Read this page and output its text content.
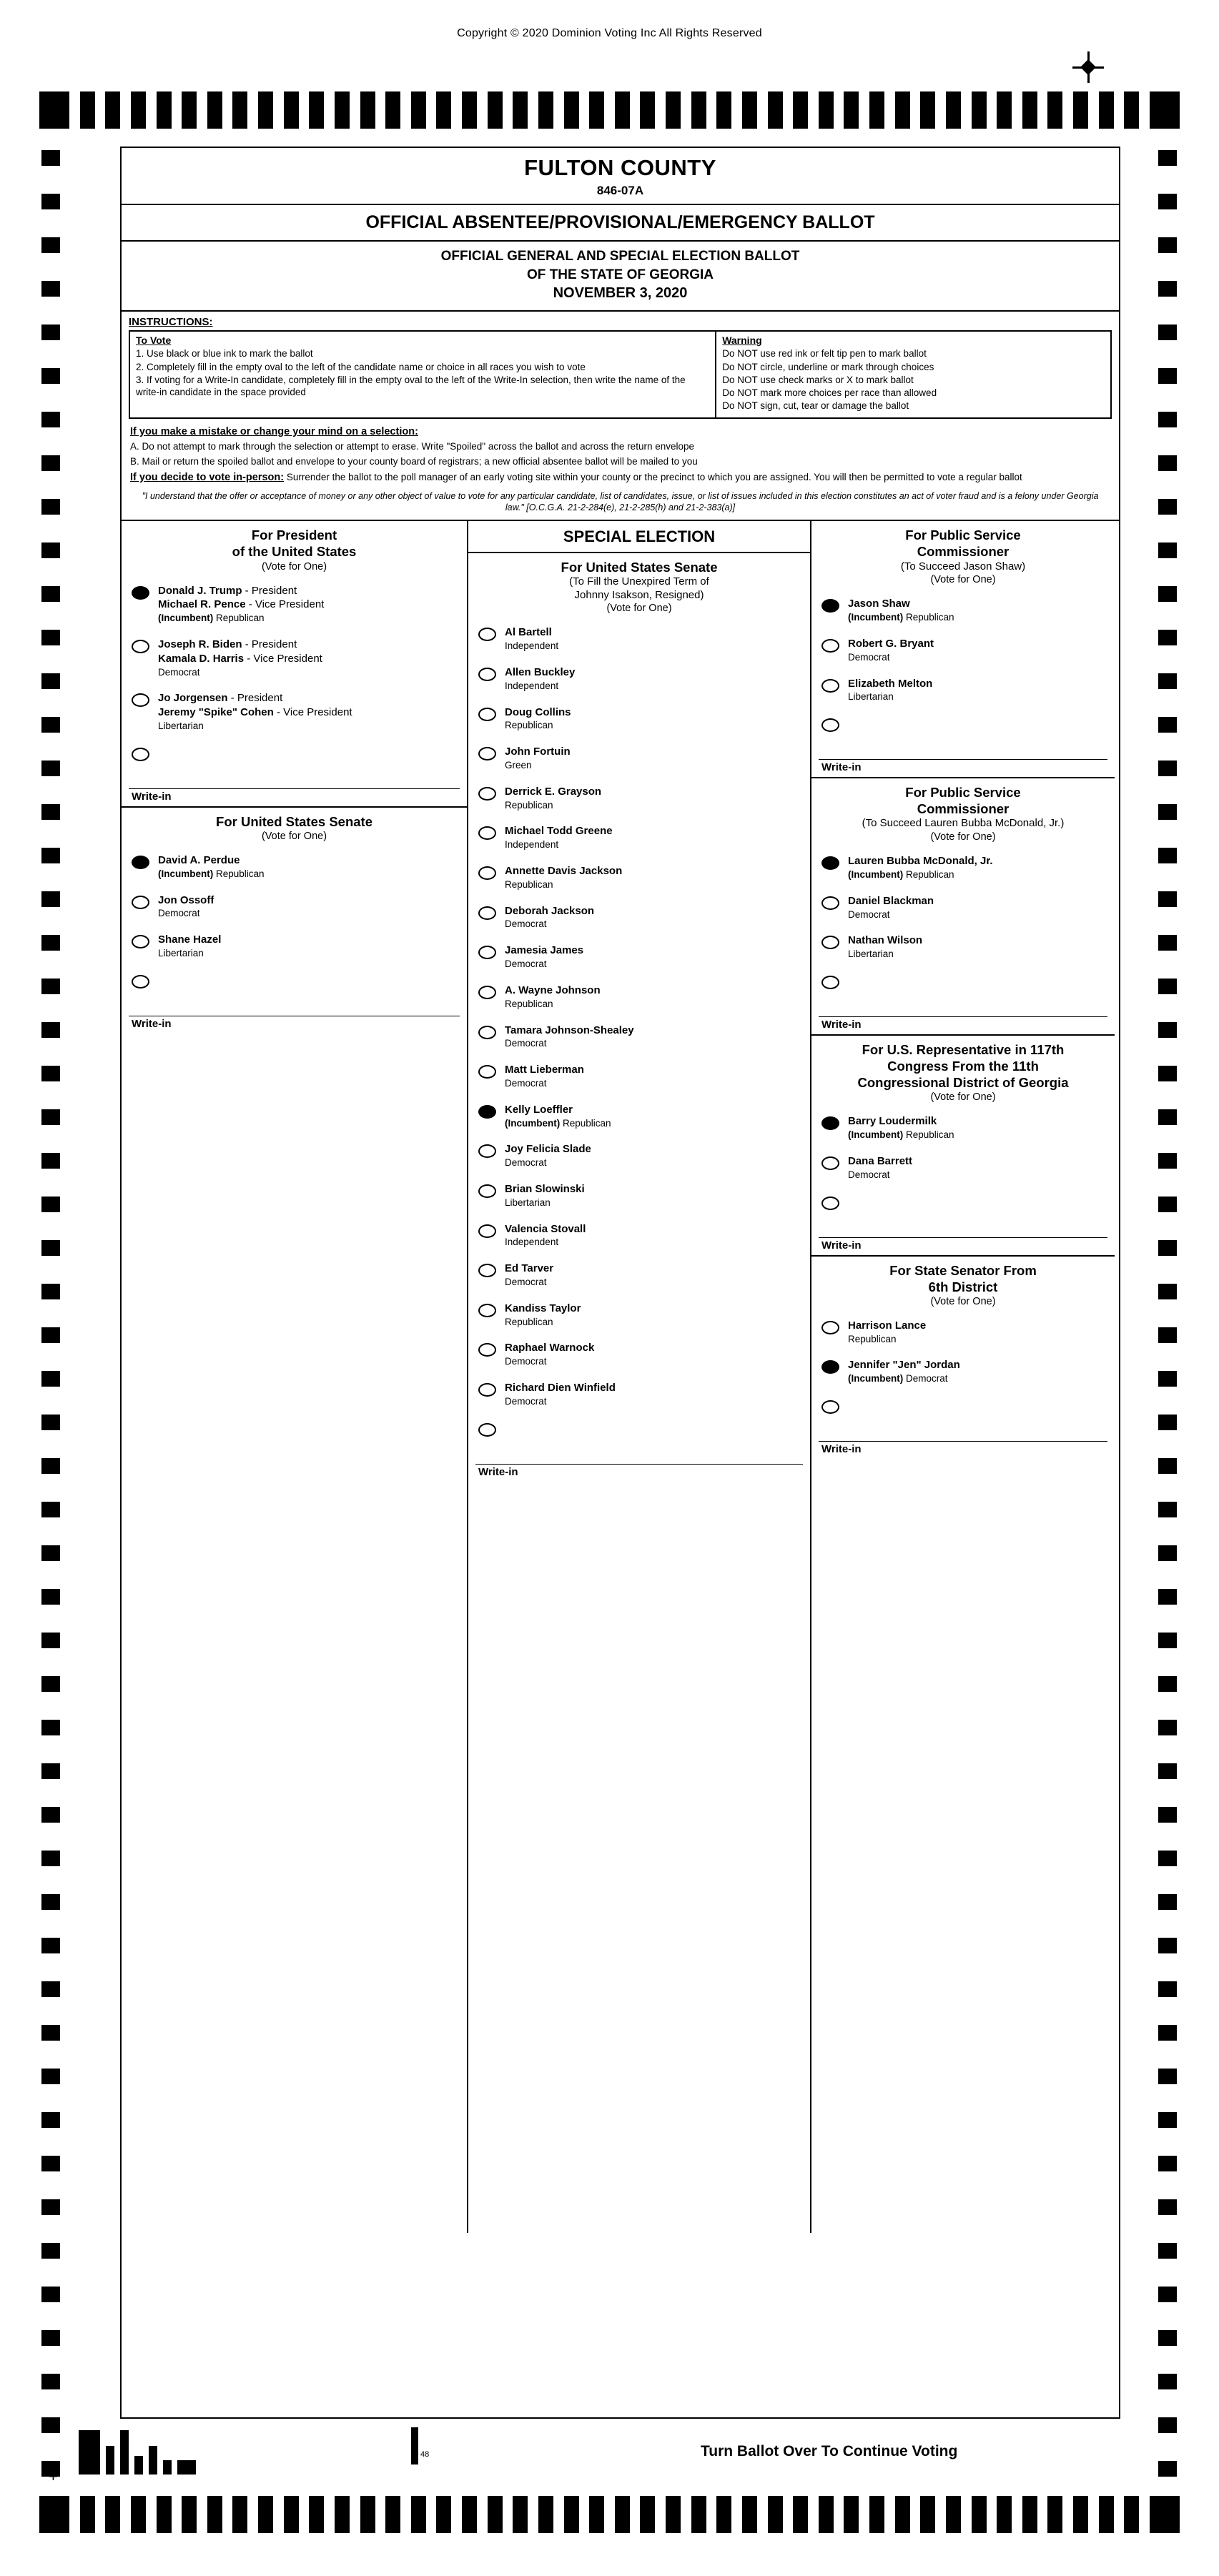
Copyright © 2020 Dominion Voting Inc All Rights Reserved
FULTON COUNTY
846-07A
OFFICIAL ABSENTEE/PROVISIONAL/EMERGENCY BALLOT
OFFICIAL GENERAL AND SPECIAL ELECTION BALLOT
OF THE STATE OF GEORGIA
NOVEMBER 3, 2020
INSTRUCTIONS:
To Vote
1. Use black or blue ink to mark the ballot
2. Completely fill in the empty oval to the left of the candidate name or choice in all races you wish to vote
3. If voting for a Write-In candidate, completely fill in the empty oval to the left of the Write-In selection, then write the name of the write-in candidate in the space provided
Warning
Do NOT use red ink or felt tip pen to mark ballot
Do NOT circle, underline or mark through choices
Do NOT use check marks or X to mark ballot
Do NOT mark more choices per race than allowed
Do NOT sign, cut, tear or damage the ballot
If you make a mistake or change your mind on a selection:

A. Do not attempt to mark through the selection or attempt to erase. Write "Spoiled" across the ballot and across the return envelope

B. Mail or return the spoiled ballot and envelope to your county board of registrars; a new official absentee ballot will be mailed to you

If you decide to vote in-person: Surrender the ballot to the poll manager of an early voting site within your county or the precinct to which you are assigned. You will then be permitted to vote a regular ballot

"I understand that the offer or acceptance of money or any other object of value to vote for any particular candidate, list of candidates, issue, or list of issues included in this election constitutes an act of voter fraud and is a felony under Georgia law." [O.C.G.A. 21-2-284(e), 21-2-285(h) and 21-2-383(a)]
For President
of the United States
(Vote for One)
Donald J. Trump - President
Michael R. Pence - Vice President
(Incumbent) Republican
Joseph R. Biden - President
Kamala D. Harris - Vice President
Democrat
Jo Jorgensen - President
Jeremy "Spike" Cohen - Vice President
Libertarian
Write-in
For United States Senate
(Vote for One)
David A. Perdue
(Incumbent) Republican
Jon Ossoff
Democrat
Shane Hazel
Libertarian
Write-in
SPECIAL ELECTION
For United States Senate
(To Fill the Unexpired Term of
Johnny Isakson, Resigned)
(Vote for One)
Al Bartell
Independent
Allen Buckley
Independent
Doug Collins
Republican
John Fortuin
Green
Derrick E. Grayson
Republican
Michael Todd Greene
Independent
Annette Davis Jackson
Republican
Deborah Jackson
Democrat
Jamesia James
Democrat
A. Wayne Johnson
Republican
Tamara Johnson-Shealey
Democrat
Matt Lieberman
Democrat
Kelly Loeffler
(Incumbent) Republican
Joy Felicia Slade
Democrat
Brian Slowinski
Libertarian
Valencia Stovall
Independent
Ed Tarver
Democrat
Kandiss Taylor
Republican
Raphael Warnock
Democrat
Richard Dien Winfield
Democrat
Write-in
For Public Service
Commissioner
(To Succeed Jason Shaw)
(Vote for One)
Jason Shaw
(Incumbent) Republican
Robert G. Bryant
Democrat
Elizabeth Melton
Libertarian
Write-in
For Public Service
Commissioner
(To Succeed Lauren Bubba McDonald, Jr.)
(Vote for One)
Lauren Bubba McDonald, Jr.
(Incumbent) Republican
Daniel Blackman
Democrat
Nathan Wilson
Libertarian
Write-in
For U.S. Representative in 117th
Congress From the 11th
Congressional District of Georgia
(Vote for One)
Barry Loudermilk
(Incumbent) Republican
Dana Barrett
Democrat
Write-in
For State Senator From
6th District
(Vote for One)
Harrison Lance
Republican
Jennifer "Jen" Jordan
(Incumbent) Democrat
Write-in
+
48	Turn Ballot Over To Continue Voting
